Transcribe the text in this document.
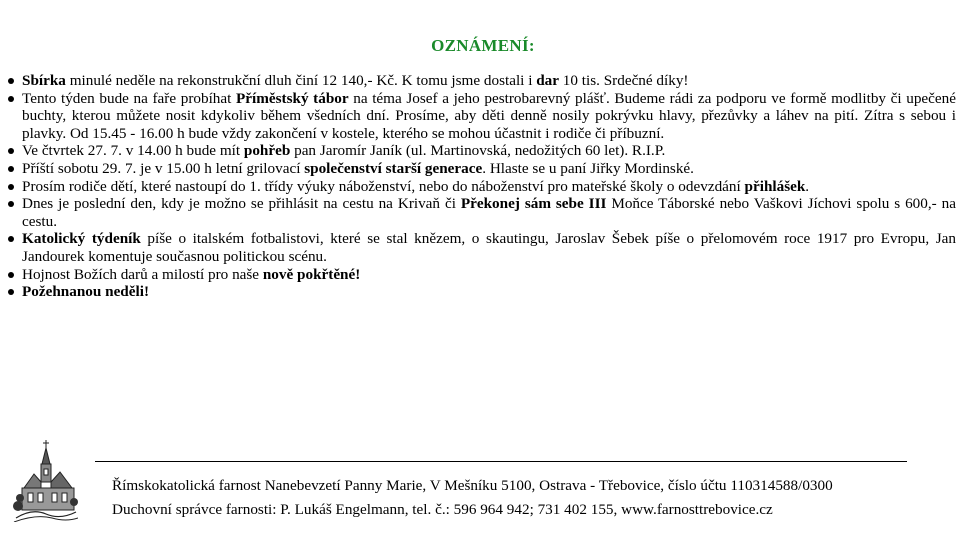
OZNÁMENÍ:
Sbírka minulé neděle na rekonstrukční dluh činí 12 140,- Kč. K tomu jsme dostali i dar 10 tis. Srdečné díky!
Tento týden bude na faře probíhat Příměstský tábor na téma Josef a jeho pestrobarevný plášť. Budeme rádi za podporu ve formě modlitby či upečené buchty, kterou můžete nosit kdykoliv během všedních dní. Prosíme, aby děti denně nosily pokrývku hlavy, přezůvky a láhev na pití. Zítra s sebou i plavky. Od 15.45 - 16.00 h bude vždy zakončení v kostele, kterého se mohou účastnit i rodiče či příbuzní.
Ve čtvrtek 27. 7. v 14.00 h bude mít pohřeb pan Jaromír Janík (ul. Martinovská, nedožitých 60 let). R.I.P.
Příští sobotu 29. 7. je v 15.00 h letní grilovací společenství starší generace. Hlaste se u paní Jiřky Mordinské.
Prosím rodiče dětí, které nastoupí do 1. třídy výuky náboženství, nebo do náboženství pro mateřské školy o odevzdání přihlášek.
Dnes je poslední den, kdy je možno se přihlásit na cestu na Krivaň či Překonej sám sebe III Moňce Táborské nebo Vaškovi Jíchovi spolu s 600,- na cestu.
Katolický týdeník píše o italském fotbalistovi, které se stal knězem, o skautingu, Jaroslav Šebek píše o přelomovém roce 1917 pro Evropu, Jan Jandourek komentuje současnou politickou scénu.
Hojnost Božích darů a milostí pro naše nově pokřtěné!
Požehnanou neděli!
Římskokatolická farnost Nanebevzetí Panny Marie, V Mešníku 5100, Ostrava - Třebovice, číslo účtu 110314588/0300
Duchovní správce farnosti: P. Lukáš Engelmann, tel. č.: 596 964 942; 731 402 155, www.farnosttrebovice.cz
